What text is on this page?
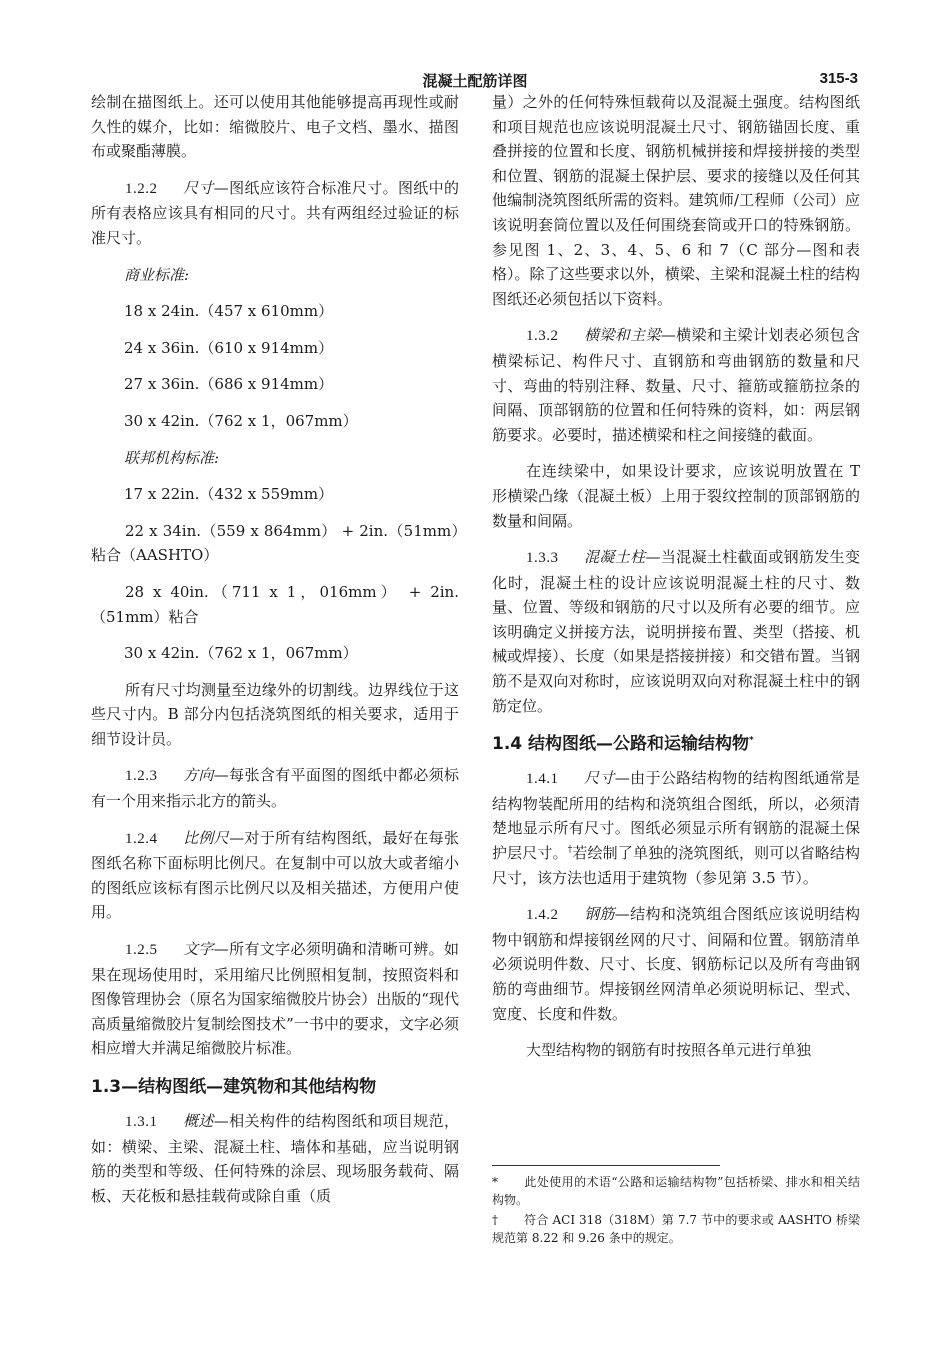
混凝土配筋详图	315-3

绘制在描图纸上。还可以使用其他能够提高再现性或耐久性的媒介，比如：缩微胶片、电子文档、墨水、描图布或聚酯薄膜。

1.2.2 尺寸—图纸应该符合标准尺寸。图纸中的所有表格应该具有相同的尺寸。共有两组经过验证的标准尺寸。

商业标准:

18 x 24in.（457 x 610mm）

24 x 36in.（610 x 914mm）

27 x 36in.（686 x 914mm）

30 x 42in.（762 x 1，067mm）

联邦机构标准:

17 x 22in.（432 x 559mm）

22 x 34in.（559 x 864mm） + 2in.（51mm）粘合（AASHTO）

28 x 40in.（711 x 1，016mm） + 2in.（51mm）粘合

30 x 42in.（762 x 1，067mm）

所有尺寸均测量至边缘外的切割线。边界线位于这些尺寸内。B 部分内包括浇筑图纸的相关要求，适用于细节设计员。

1.2.3 方向—每张含有平面图的图纸中都必须标有一个用来指示北方的箭头。

1.2.4 比例尺—对于所有结构图纸，最好在每张图纸名称下面标明比例尺。在复制中可以放大或者缩小的图纸应该标有图示比例尺以及相关描述，方便用户使用。

1.2.5 文字—所有文字必须明确和清晰可辨。如果在现场使用时，采用缩尺比例照相复制，按照资料和图像管理协会（原名为国家缩微胶片协会）出版的“现代高质量缩微胶片复制绘图技术”一书中的要求，文字必须相应增大并满足缩微胶片标准。

1.3—结构图纸—建筑物和其他结构物

1.3.1 概述—相关构件的结构图纸和项目规范，如：横梁、主梁、混凝土柱、墙体和基础，应当说明钢筋的类型和等级、任何特殊的涂层、现场服务载荷、隔板、天花板和悬挂载荷或除自重（质

量）之外的任何特殊恒载荷以及混凝土强度。结构图纸和项目规范也应该说明混凝土尺寸、钢筋锚固长度、重叠拼接的位置和长度、钢筋机械拼接和焊接拼接的类型和位置、钢筋的混凝土保护层、要求的接缝以及任何其他编制浇筑图纸所需的资料。建筑师/工程师（公司）应该说明套筒位置以及任何围绕套筒或开口的特殊钢筋。参见图 1、2、3、4、5、6 和 7（C 部分—图和表格）。除了这些要求以外，横梁、主梁和混凝土柱的结构图纸还必须包括以下资料。

1.3.2 横梁和主梁—横梁和主梁计划表必须包含横梁标记、构件尺寸、直钢筋和弯曲钢筋的数量和尺寸、弯曲的特别注释、数量、尺寸、箍筋或箍筋拉条的间隔、顶部钢筋的位置和任何特殊的资料，如：两层钢筋要求。必要时，描述横梁和柱之间接缝的截面。

在连续梁中，如果设计要求，应该说明放置在 T 形横梁凸缘（混凝土板）上用于裂纹控制的顶部钢筋的数量和间隔。

1.3.3 混凝土柱—当混凝土柱截面或钢筋发生变化时，混凝土柱的设计应该说明混凝土柱的尺寸、数量、位置、等级和钢筋的尺寸以及所有必要的细节。应该明确定义拼接方法，说明拼接布置、类型（搭接、机械或焊接）、长度（如果是搭接拼接）和交错布置。当钢筋不是双向对称时，应该说明双向对称混凝土柱中的钢筋定位。

1.4 结构图纸—公路和运输结构物*

1.4.1 尺寸—由于公路结构物的结构图纸通常是结构物装配所用的结构和浇筑组合图纸，所以，必须清楚地显示所有尺寸。图纸必须显示所有钢筋的混凝土保护层尺寸。†若绘制了单独的浇筑图纸，则可以省略结构尺寸，该方法也适用于建筑物（参见第 3.5 节）。

1.4.2 钢筋—结构和浇筑组合图纸应该说明结构物中钢筋和焊接钢丝网的尺寸、间隔和位置。钢筋清单必须说明件数、尺寸、长度、钢筋标记以及所有弯曲钢筋的弯曲细节。焊接钢丝网清单必须说明标记、型式、宽度、长度和件数。

大型结构物的钢筋有时按照各单元进行单独

* 此处使用的术语“公路和运输结构物”包括桥梁、排水和相关结构物。

† 符合 ACI 318（318M）第 7.7 节中的要求或 AASHTO 桥梁规范第 8.22 和 9.26 条中的规定。
